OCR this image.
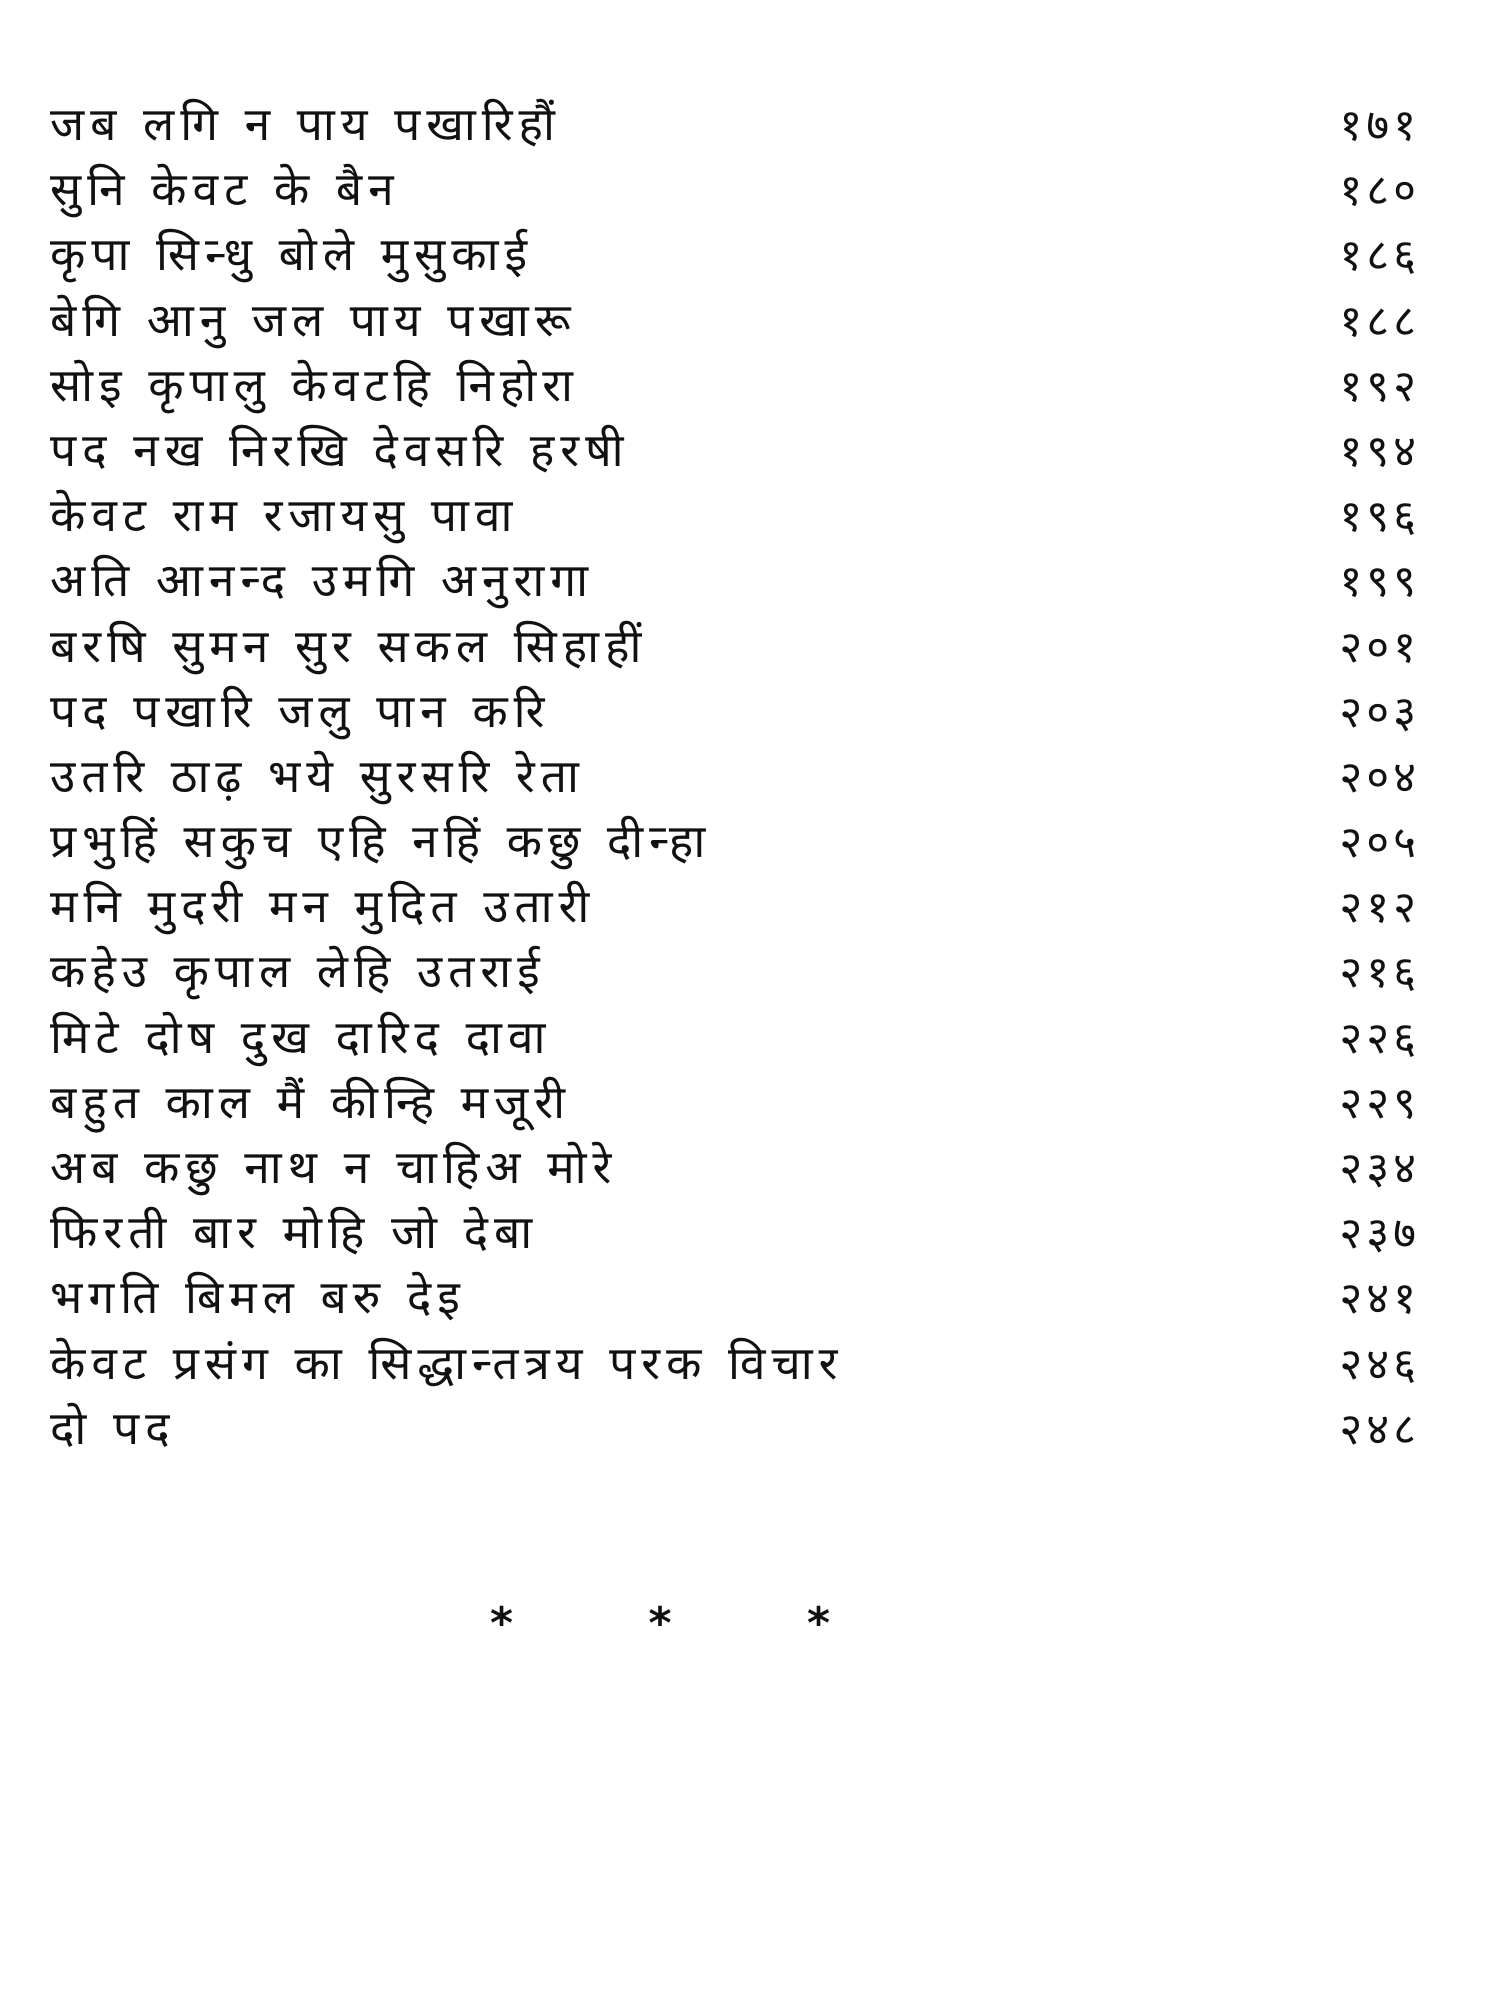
जब लगि न पाय पखारिहौं	१७१
सुनि केवट के बैन	१८०
कृपा सिन्धु बोले मुसुकाई	१८६
बेगि आनु जल पाय पखारू	१८८
सोइ कृपालु केवटहि निहोरा	१९२
पद नख निरखि देवसरि हरषी	१९४
केवट राम रजायसु पावा	१९६
अति आनन्द उमगि अनुरागा	१९९
बरषि सुमन सुर सकल सिहाहीं	२०१
पद पखारि जलु पान करि	२०३
उतरि ठाढ़ भये सुरसरि रेता	२०४
प्रभुहिं सकुच एहि नहिं कछु दीन्हा	२०५
मनि मुदरी मन मुदित उतारी	२१२
कहेउ कृपाल लेहि उतराई	२१६
मिटे दोष दुख दारिद दावा	२२६
बहुत काल मैं कीन्हि मजूरी	२२९
अब कछु नाथ न चाहिअ मोरे	२३४
फिरती बार मोहि जो देबा	२३७
भगति बिमल बरु देइ	२४१
केवट प्रसंग का सिद्धान्तत्रय परक विचार	२४६
दो पद	२४८
*	*	*
